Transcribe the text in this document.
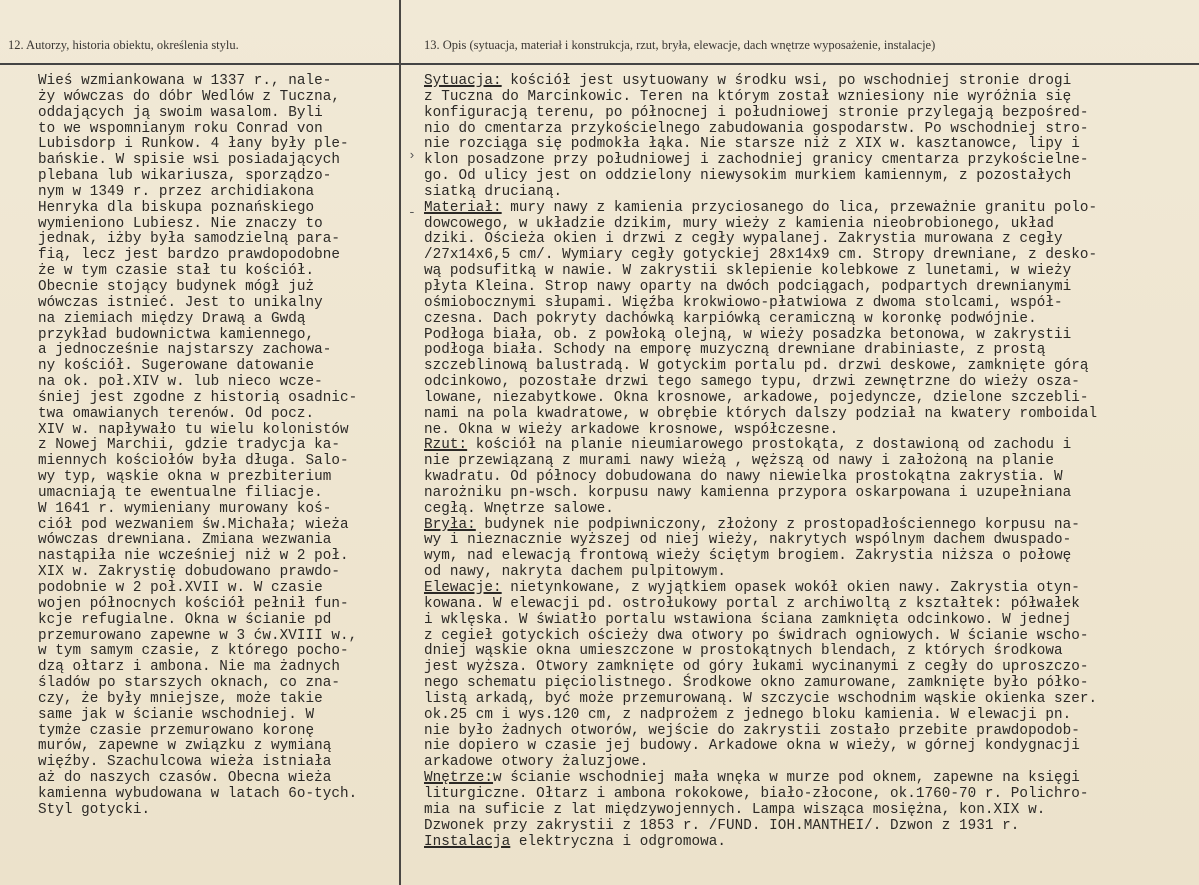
12. Autorzy, historia obiektu, określenia stylu.	13. Opis (sytuacja, materiał i konstrukcja, rzut, bryła, elewacje, dach wnętrze wyposażenie, instalacje)
Wieś wzmiankowana w 1337 r., nale-
ży wówczas do dóbr Wedlów z Tuczna,
oddających ją swoim wasalom. Byli
to we wspomnianym roku Conrad von
Lubisdorp i Runkow. 4 łany były ple-
bańskie. W spisie wsi posiadających
plebana lub wikariusza, sporządzo-
nym w 1349 r. przez archidiakona
Henryka dla biskupa poznańskiego
wymieniono Lubiesz. Nie znaczy to
jednak, iżby była samodzielną para-
fią, lecz jest bardzo prawdopodobne
że w tym czasie stał tu kościół.
Obecnie stojący budynek mógł już
wówczas istnieć. Jest to unikalny
na ziemiach między Drawą a Gwdą
przykład budownictwa kamiennego,
a jednocześnie najstarszy zachowa-
ny kościół. Sugerowane datowanie
na ok. poł.XIV w. lub nieco wcze-
śniej jest zgodne z historią osadnic-
twa omawianych terenów. Od pocz.
XIV w. napływało tu wielu kolonistów
z Nowej Marchii, gdzie tradycja ka-
miennych kościołów była długa. Salo-
wy typ, wąskie okna w prezbiterium
umacniają te ewentualne filiacje.
W 1641 r. wymieniany murowany koś-
ciół pod wezwaniem św.Michała; wieża
wówczas drewniana. Zmiana wezwania
nastąpiła nie wcześniej niż w 2 poł.
XIX w. Zakrystię dobudowano prawdo-
podobnie w 2 poł.XVII w. W czasie
wojen północnych kościół pełnił fun-
kcje refugialne. Okna w ścianie pd
przemurowano zapewne w 3 ćw.XVIII w.,
w tym samym czasie, z którego pocho-
dzą ołtarz i ambona. Nie ma żadnych
śladów po starszych oknach, co zna-
czy, że były mniejsze, może takie
same jak w ścianie wschodniej. W
tymże czasie przemurowano koronę
murów, zapewne w związku z wymianą
więźby. Szachulcowa wieża istniała
aż do naszych czasów. Obecna wieża
kamienna wybudowana w latach 6o-tych.
Styl gotycki.
Sytuacja: kościół jest usytuowany w środku wsi, po wschodniej stronie drogi
z Tuczna do Marcinkowic. Teren na którym został wzniesiony nie wyróżnia się
konfiguracją terenu, po północnej i południowej stronie przylegają bezpośred-
nio do cmentarza przykościelnego zabudowania gospodarstw. Po wschodniej stro-
nie rozciąga się podmokła łąka. Nie starsze niż z XIX w. kasztanowce, lipy i
klon posadzone przy południowej i zachodniej granicy cmentarza przykościelne-
go. Od ulicy jest on oddzielony niewysokim murkiem kamiennym, z pozostałych
siatką drucianą.
Materiał: mury nawy z kamienia przyciosanego do lica, przeważnie granitu polo-
dowcowego, w układzie dzikim, mury wieży z kamienia nieobrobionego, układ
dziki. Ościeża okien i drzwi z cegły wypalanej. Zakrystia murowana z cegły
/27x14x6,5 cm/. Wymiary cegły gotyckiej 28x14x9 cm. Stropy drewniane, z desko-
wą podsufitką w nawie. W zakrystii sklepienie kolebkowe z lunetami, w wieży
płyta Kleina. Strop nawy oparty na dwóch podciągach, podpartych drewnianymi
ośmiobocznymi słupami. Więźba krokwiowo-płatwiowa z dwoma stolcami, współ-
czesna. Dach pokryty dachówką karpiówką ceramiczną w koronkę podwójnie.
Podłoga biała, ob. z powłoką olejną, w wieży posadzka betonowa, w zakrystii
podłoga biała. Schody na emporę muzyczną drewniane drabiniaste, z prostą
szczeblinową balustradą. W gotyckim portalu pd. drzwi deskowe, zamknięte górą
odcinkowo, pozostałe drzwi tego samego typu, drzwi zewnętrzne do wieży osza-
lowane, niezabytkowe. Okna krosnowe, arkadowe, pojedyncze, dzielone szczebli-
nami na pola kwadratowe, w obrębie których dalszy podział na kwatery romboidal
ne. Okna w wieży arkadowe krosnowe, współczesne.
Rzut: kościół na planie nieumiarowego prostokąta, z dostawioną od zachodu i
nie przewiązaną z murami nawy wieżą , węższą od nawy i założoną na planie
kwadratu. Od północy dobudowana do nawy niewielka prostokątna zakrystia. W
narożniku pn-wsch. korpusu nawy kamienna przypora oskarpowana i uzupełniana
cegłą. Wnętrze salowe.
Bryła: budynek nie podpiwniczony, złożony z prostopadłościennego korpusu na-
wy i nieznacznie wyższej od niej wieży, nakrytych wspólnym dachem dwuspado-
wym, nad elewacją frontową wieży ściętym brogiem. Zakrystia niższa o połowę
od nawy, nakryta dachem pulpitowym.
Elewacje: nietynkowane, z wyjątkiem opasek wokół okien nawy. Zakrystia otyn-
kowana. W elewacji pd. ostrołukowy portal z archiwoltą z kształtek: półwałek
i wklęska. W światło portalu wstawiona ściana zamknięta odcinkowo. W jednej
z cegieł gotyckich ościeży dwa otwory po świdrach ogniowych. W ścianie wscho-
dniej wąskie okna umieszczone w prostokątnych blendach, z których środkowa
jest wyższa. Otwory zamknięte od góry łukami wycinanymi z cegły do uproszczo-
nego schematu pięciolistnego. Środkowe okno zamurowane, zamknięte było półko-
listą arkadą, być może przemurowaną. W szczycie wschodnim wąskie okienka szer.
ok.25 cm i wys.120 cm, z nadprożem z jednego bloku kamienia. W elewacji pn.
nie było żadnych otworów, wejście do zakrystii zostało przebite prawdopodob-
nie dopiero w czasie jej budowy. Arkadowe okna w wieży, w górnej kondygnacji
arkadowe otwory żaluzjowe.
Wnętrze:w ścianie wschodniej mała wnęka w murze pod oknem, zapewne na księgi
liturgiczne. Ołtarz i ambona rokokowe, biało-złocone, ok.1760-70 r. Polichro-
mia na suficie z lat międzywojennych. Lampa wisząca mosiężna, kon.XIX w.
Dzwonek przy zakrystii z 1853 r. /FUND. IOH.MANTHEI/. Dzwon z 1931 r.
Instalacja elektryczna i odgromowa.
›
-
